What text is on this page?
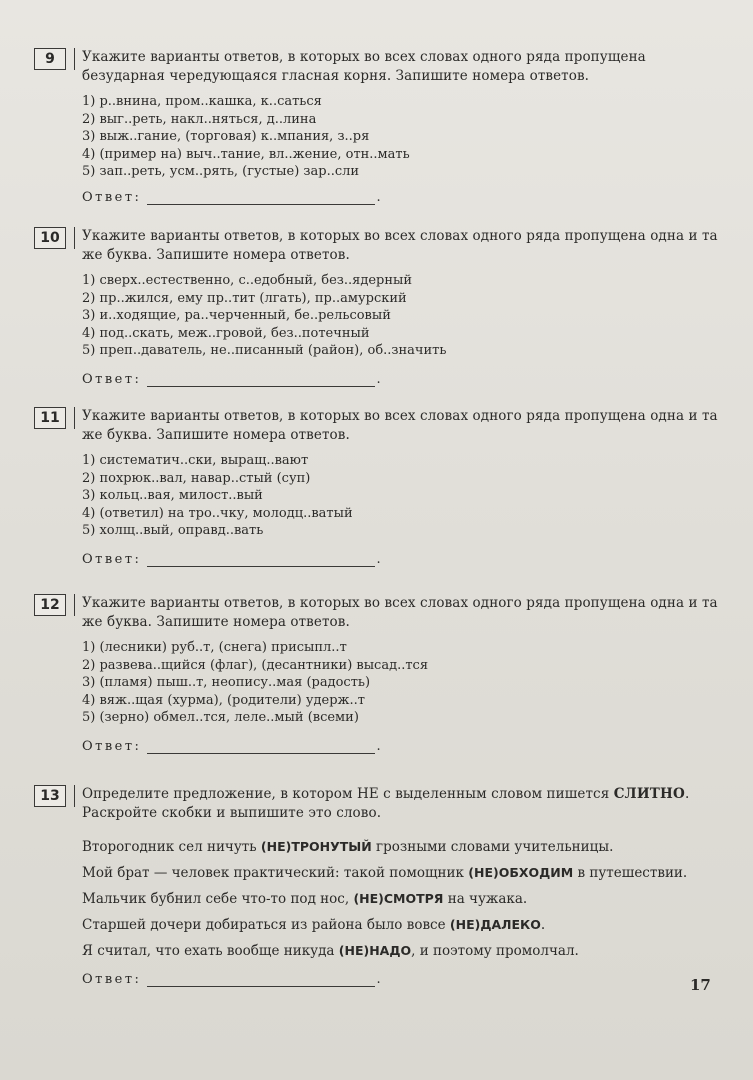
9	Укажите варианты ответов, в которых во всех словах одного ряда пропущена безударная чередующаяся гласная корня. Запишите номера ответов.
1) р..внина, пром..кашка, к..саться
2) выг..реть, накл..няться, д..лина
3) выж..гание, (торговая) к..мпания, з..ря
4) (пример на) выч..тание, вл..жение, отн..мать
5) зап..реть, усм..рять, (густые) зар..сли
Ответ:	.
10	Укажите варианты ответов, в которых во всех словах одного ряда пропущена одна и та же буква. Запишите номера ответов.
1) сверх..естественно, с..едобный, без..ядерный
2) пр..жился, ему пр..тит (лгать), пр..амурский
3) и..ходящие, ра..черченный, бе..рельсовый
4) под..скать, меж..гровой, без..потечный
5) преп..даватель, не..писанный (район), об..значить
Ответ:	.
11	Укажите варианты ответов, в которых во всех словах одного ряда пропущена одна и та же буква. Запишите номера ответов.
1) систематич..ски, выращ..вают
2) похрюк..вал, навар..стый (суп)
3) кольц..вая, милост..вый
4) (ответил) на тро..чку, молодц..ватый
5) холщ..вый, оправд..вать
Ответ:	.
12	Укажите варианты ответов, в которых во всех словах одного ряда пропущена одна и та же буква. Запишите номера ответов.
1) (лесники) руб..т, (снега) присыпл..т
2) развева..щийся (флаг), (десантники) высад..тся
3) (пламя) пыш..т, неопису..мая (радость)
4) вяж..щая (хурма), (родители) удерж..т
5) (зерно) обмел..тся, леле..мый (всеми)
Ответ:	.
13	Определите предложение, в котором НЕ с выделенным словом пишется СЛИТНО. Раскройте скобки и выпишите это слово.
Второгодник сел ничуть (НЕ)ТРОНУТЫЙ грозными словами учительницы.
Мой брат — человек практический: такой помощник (НЕ)ОБХОДИМ в путешествии.
Мальчик бубнил себе что-то под нос, (НЕ)СМОТРЯ на чужака.
Старшей дочери добираться из района было вовсе (НЕ)ДАЛЕКО.
Я считал, что ехать вообще никуда (НЕ)НАДО, и поэтому промолчал.
Ответ:	.	17
